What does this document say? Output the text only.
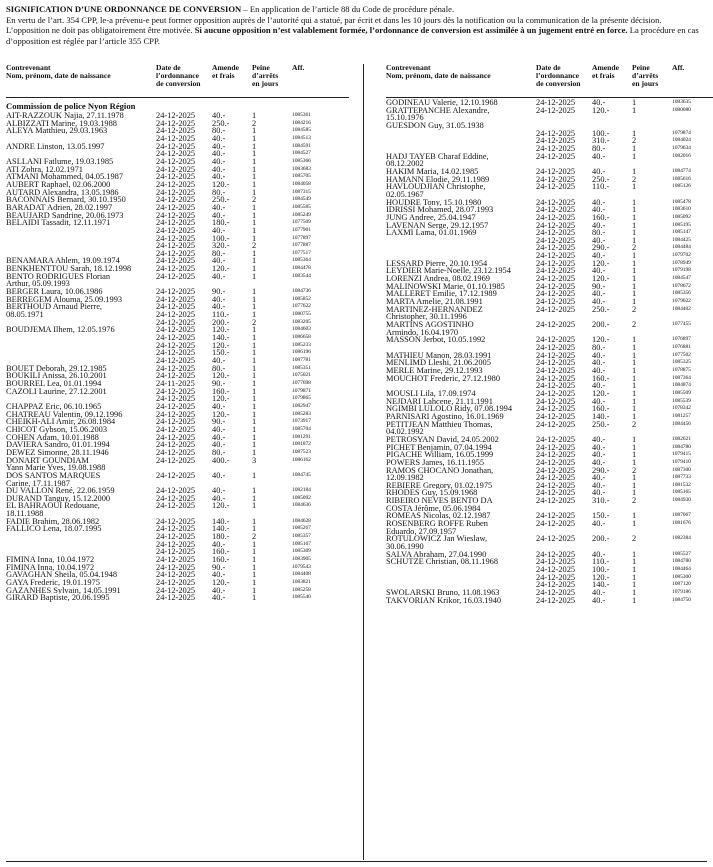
SIGNIFICATION D’UNE ORDONNANCE DE CONVERSION – En application de l’article 88 du Code de procédure pénale.
En vertu de l’art. 354 CPP, le-a prévenu-e peut former opposition auprès de l’autorité qui a statué, par écrit et dans les 10 jours dès la notification ou la communication de la présente décision. L’opposition ne doit pas obligatoirement être motivée. Si aucune opposition n’est valablement formée, l’ordonnance de conversion est assimilée à un jugement entré en force. La procédure en cas d’opposition est réglée par l’article 355 CPP.
Contrevenant
Nom, prénom, date de naissance
Date de
l’ordonnance
de conversion
Amende
et frais
Peine
d’arrêts
en jours
Aff.
Commission de police Nyon Région
AIT-RAZZOUK Najia, 27.11.1978	24-12-2025	40.-	1	1085361
ALBIZZATI Marine, 19.03.1988	24-12-2025	250.-	2	1084216
ALEYA Matthieu, 29.03.1963	24-12-2025	80.-	1	1084585
24-12-2025	40.-	1	1084513
ANDRE Linston, 13.05.1997	24-12-2025	40.-	1	1084591
24-12-2025	40.-	1	1084527
ASLLANI Fatlume, 19.03.1985	24-12-2025	40.-	1	1085366
ATI Zohra, 12.02.1971	24-12-2025	40.-	1	1083683
ATMANI Mohammed, 04.05.1987	24-12-2025	40.-	1	1085705
AUBERT Raphael, 02.06.2000	24-12-2025	120.-	1	1084058
AUTARD Alexandra, 13.05.1986	24-12-2025	80.-	1	1087315
BACONNAIS Bernard, 30.10.1950	24-12-2025	250.-	2	1084549
BARADAT Adrien, 28.02.1997	24-12-2025	40.-	1	1085585
BEAUJARD Sandrine, 20.06.1973	24-12-2025	40.-	1	1085249
BELAIDI Tassadit, 12.11.1971	24-12-2025	180.-	1	1077509
24-12-2025	40.-	1	1077901
24-12-2025	100.-	1	1077897
24-12-2025	320.-	2	1077887
24-12-2025	80.-	1	1077517
BENAMARA Ahlem, 19.09.1974	24-12-2025	40.-	1	1085364
BENKHENTTOU Sarah, 18.12.1998	24-12-2025	120.-	1	1084478
BENTO RODRIGUES Florian	24-12-2025	40.-	1	1083544
Arthur, 05.09.1993
BERGER Laura, 10.06.1986	24-12-2025	90.-	1	1084736
BERREGEM Alouma, 25.09.1993	24-12-2025	40.-	1	1085852
BERTHOUD Arnaud Pierre,	24-12-2025	40.-	1	1077622
08.05.1971	24-12-2025	110.-	1	1080755
24-12-2025	200.-	2	1083205
BOUDJEMA Ilhem, 12.05.1976	24-12-2025	120.-	1	1084603
24-12-2025	140.-	1	1086658
24-12-2025	120.-	1	1085233
24-12-2025	150.-	1	1086196
24-12-2025	40.-	1	1087781
BOUET Deborah, 29.12.1985	24-12-2025	80.-	1	1085351
BOUKILI Anissa, 26.10.2001	24-12-2025	120.-	1	1075021
BOURREL Lea, 01.01.1994	24-11-2025	90.-	1	1077698
CAZOLI Laurine, 27.12.2001	24-12-2025	160.-	1	1079871
24-12-2025	120.-	1	1079865
CHAPPAZ Eric, 06.10.1965	24-12-2025	40.-	1	1082947
CHATREAU Valentin, 09.12.1996	24-12-2025	120.-	1	1085283
CHEIKH-ALI Amir, 26.08.1984	24-12-2025	90.-	1	1073917
CHICOT Gybson, 15.06.2003	24-12-2025	40.-	1	1085704
COHEN Adam, 10.01.1988	24-12-2025	40.-	1	1081291
DAVIERA Sandro, 01.01.1994	24-12-2025	40.-	1	1081872
DEWEZ Simonne, 28.11.1946	24-12-2025	80.-	1	1087523
DONART GOUNDIAM	24-12-2025	400.-	3	1086162
Yann Marie Yves, 19.08.1988
DOS SANTOS MARQUES	24-12-2025	40.-	1	1084745
Carine, 17.11.1987
DU VALLON René, 22.06.1959	24-12-2025	40.-	1	1082184
DURAND Tanguy, 15.12.2000	24-12-2025	40.-	1	1085092
EL BAHRAOUI Redouane,	24-12-2025	120.-	1	1084636
18.11.1988
FADIE Brahim, 28.06.1982	24-12-2025	140.-	1	1084628
FALLICO Lena, 18.07.1995	24-12-2025	140.-	1	1085267
24-12-2025	180.-	2	1085357
24-12-2025	40.-	1	1085167
24-12-2025	160.-	1	1085309
FIMINA Inna, 10.04.1972	24-12-2025	160.-	1	1083905
FIMINA Inna, 10.04.1972	24-12-2025	90.-	1	1079543
GAVAGHAN Sheila, 05.04.1948	24-12-2025	40.-	1	1084408
GAYA Frederic, 19.01.1975	24-12-2025	120.-	1	1083821
GAZANHES Sylvain, 14.05.1991	24-12-2025	40.-	1	1085258
GIRARD Baptiste, 20.06.1995	24-12-2025	40.-	1	1085540
Contrevenant
Nom, prénom, date de naissance
Date de
l’ordonnance
de conversion
Amende
et frais
Peine
d’arrêts
en jours
Aff.
GODINEAU Valerie, 12.10.1968	24-12-2025	40.-	1	1083635
GRATTEPANCHE Alexandre,	24-12-2025	120.-	1	1080080
15.10.1976
GUESDON Guy, 31.05.1938
24-12-2025	100.-	1	1079874
24-12-2025	310.-	2	1084024
24-12-2025	80.-	1	1079634
HADJ TAYEB Charaf Eddine,	24-12-2025	40.-	1	1082016
08.12.2002
HAKIM Maria, 14.02.1985	24-12-2025	40.-	1	1084774
HAMANN Elodie, 29.11.1989	24-12-2025	250.-	2	1085616
HAVLOUDJIAN Christophe,	24-12-2025	110.-	1	1085126
02.05.1967
HOUDRE Tony, 15.10.1980	24-12-2025	40.-	1	1085478
IDRISSI Mohamed, 28.07.1993	24-12-2025	40.-	1	1083610
JUNG Andree, 25.04.1947	24-12-2025	160.-	1	1085092
LAVENAN Serge, 29.12.1957	24-12-2025	40.-	1	1085195
LAXMI Lama, 01.01.1969	24-12-2025	80.-	1	1085147
24-12-2025	40.-	1	1084425
24-12-2025	290.-	2	1084484
24-12-2025	40.-	1	1079702
LESSARD Pierre, 20.10.1954	24-12-2025	120.-	1	1078949
LEYDIER Marie-Noelle, 23.12.1954	24-12-2025	40.-	1	1079198
LORENZI Andrea, 08.02.1969	24-12-2025	120.-	1	1084547
MALINOWSKI Marie, 01.10.1985	24-12-2025	90.-	1	1078672
MALLERET Emilie, 17.12.1989	24-12-2025	40.-	1	1085356
MARTA Amelie, 21.08.1991	24-12-2025	40.-	1	1079022
MARTINEZ-HERNANDEZ	24-12-2025	250.-	2	1084402
Christopher, 30.11.1996
MARTINS AGOSTINHO	24-12-2025	200.-	2	1077455
Armindo, 16.04.1970
MASSON Jerbot, 10.05.1992	24-12-2025	120.-	1	1076897
24-12-2025	80.-	1	1076881
MATHIEU Manon, 28.03.1991	24-12-2025	40.-	1	1077502
MENLIMD Lleshi, 21.06.2005	24-12-2025	40.-	1	1085325
MERLE Marine, 29.12.1993	24-12-2025	40.-	1	1078875
MOUCHOT Frederic, 27.12.1980	24-12-2025	160.-	1	1087364
24-12-2025	40.-	1	1084874
MOUSLI Lila, 17.09.1974	24-12-2025	120.-	1	1085509
NEJDARI Lahcene, 21.11.1991	24-12-2025	40.-	1	1085539
NGIMBI LULOLO Ridy, 07.08.1994	24-12-2025	160.-	1	1078342
PARNISARI Agostino, 16.01.1969	24-12-2025	140.-	1	1081257
PETITJEAN Matthieu Thomas,	24-12-2025	250.-	2	1084456
04.02.1992
PETROSYAN David, 24.05.2002	24-12-2025	40.-	1	1082621
PICHET Benjamin, 07.04.1994	24-12-2025	40.-	1	1084780
PIGACHE William, 16.05.1999	24-12-2025	40.-	1	1079415
POWERS James, 16.11.1955	24-12-2025	40.-	1	1079410
RAMOS CHOCANO Jonathan,	24-12-2025	290.-	2	1087300
12.09.1982	24-12-2025	40.-	1	1087733
REBIERE Gregory, 01.02.1975	24-12-2025	40.-	1	1081532
RHODES Guy, 15.09.1968	24-12-2025	40.-	1	1085165
RIBEIRO NEVES BENTO DA	24-12-2025	310.-	2	1084930
COSTA Jérôme, 05.06.1984
ROMEAS Nicolas, 02.12.1987	24-12-2025	150.-	1	1087067
ROSENBERG ROFFE Ruben	24-12-2025	40.-	1	1081676
Eduardo, 27.09.1957
ROTULOWICZ Jan Wieslaw,	24-12-2025	200.-	2	1082384
30.06.1990
SALVA Abraham, 27.04.1990	24-12-2025	40.-	1	1085527
SCHÜTZE Christian, 08.11.1968	24-12-2025	110.-	1	1084780
24-12-2025	100.-	1	1084464
24-12-2025	120.-	1	1085300
24-12-2025	140.-	1	1087120
SWOLARSKI Bruno, 11.08.1963	24-12-2025	40.-	1	1079186
TAKVORIAN Krikor, 16.03.1940	24-12-2025	40.-	1	1084750
